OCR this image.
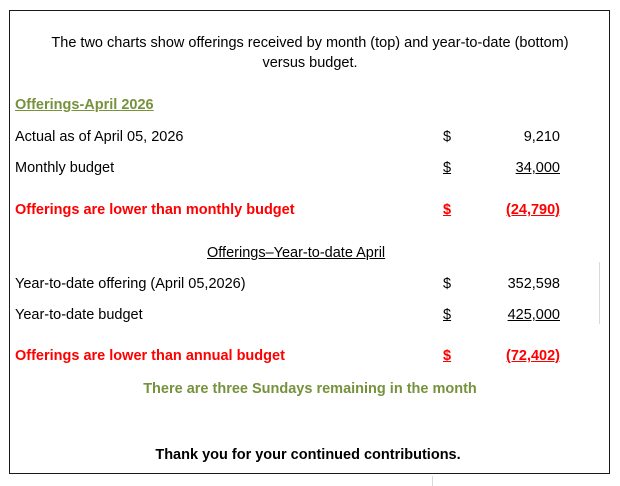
The two charts show offerings received by month (top) and year-to-date (bottom)
versus budget.
Offerings-April 2026
Actual as of April 05, 2026	$	9,210
Monthly budget	$	34,000
Offerings are lower than monthly budget	$	(24,790)
Offerings–Year-to-date April
Year-to-date offering (April 05,2026)	$	352,598
Year-to-date budget	$	425,000
Offerings are lower than annual budget	$	(72,402)
There are three Sundays remaining in the month
Thank you for your continued contributions.
